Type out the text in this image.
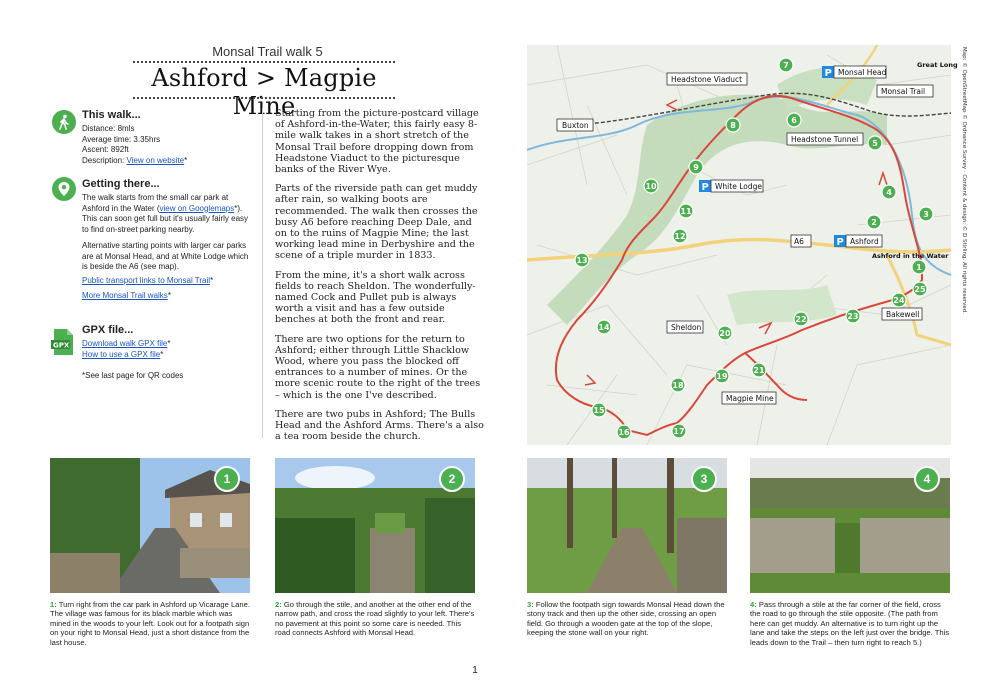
Monsal Trail walk 5
Ashford > Magpie Mine
This walk...
Distance: 8mls
Average time: 3.35hrs
Ascent: 892ft
Description: View on website*
Getting there...
The walk starts from the small car park at Ashford in the Water (view on Googlemaps*). This can soon get full but it's usually fairly easy to find on-street parking nearby.
Alternative starting points with larger car parks are at Monsal Head, and at White Lodge which is beside the A6 (see map).
Public transport links to Monsal Trail*
More Monsal Trail walks*
GPX
GPX file...
Download walk GPX file*
How to use a GPX file*
*See last page for QR codes

Starting from the picture-postcard village of Ashford-in-the-Water, this fairly easy 8-mile walk takes in a short stretch of the Monsal Trail before dropping down from Headstone Viaduct to the picturesque banks of the River Wye.

Parts of the riverside path can get muddy after rain, so walking boots are recommended. The walk then crosses the busy A6 before reaching Deep Dale, and on to the ruins of Magpie Mine; the last working lead mine in Derbyshire and the scene of a triple murder in 1833.

From the mine, it's a short walk across fields to reach Sheldon. The wonderfully-named Cock and Pullet pub is always worth a visit and has a few outside benches at both the front and rear.

There are two options for the return to Ashford; either through Little Shacklow Wood, where you pass the blocked off entrances to a number of mines. Or the more scenic route to the right of the trees – which is the one I've described.

There are two pubs in Ashford; The Bulls Head and the Ashford Arms. There's a also a tea room beside the church.

Headstone Viaduct
Monsal Trail
Headstone Tunnel
Buxton
A6
Ashford in the Water
Bakewell
Sheldon
Magpie Mine
Great Long
P Monsal Head
P White Lodge
P Ashford
1
2
3
4
5
6
7
8
9
10
11
12
13
14
15
16	17
18
19
20
21
22	23
24
25	Map: © OpenStreetMap © Ordnance Survey · Content & design: © D Stirling. All rights reserved.
1	2	3	4
1: Turn right from the car park in Ashford up Vicarage Lane. The village was famous for its black marble which was mined in the woods to your left. Look out for a footpath sign on your right to Monsal Head, just a short distance from the last house.
2: Go through the stile, and another at the other end of the narrow path, and cross the road slightly to your left. There's no pavement at this point so some care is needed. This road connects Ashford with Monsal Head.
3: Follow the footpath sign towards Monsal Head down the stony track and then up the other side, crossing an open field. Go through a wooden gate at the top of the slope, keeping the stone wall on your right.
4: Pass through a stile at the far corner of the field, cross the road to go through the stile opposite. (The path from here can get muddy. An alternative is to turn right up the lane and take the steps on the left just over the bridge. This leads down to the Trail – then turn right to reach 5.)
1
